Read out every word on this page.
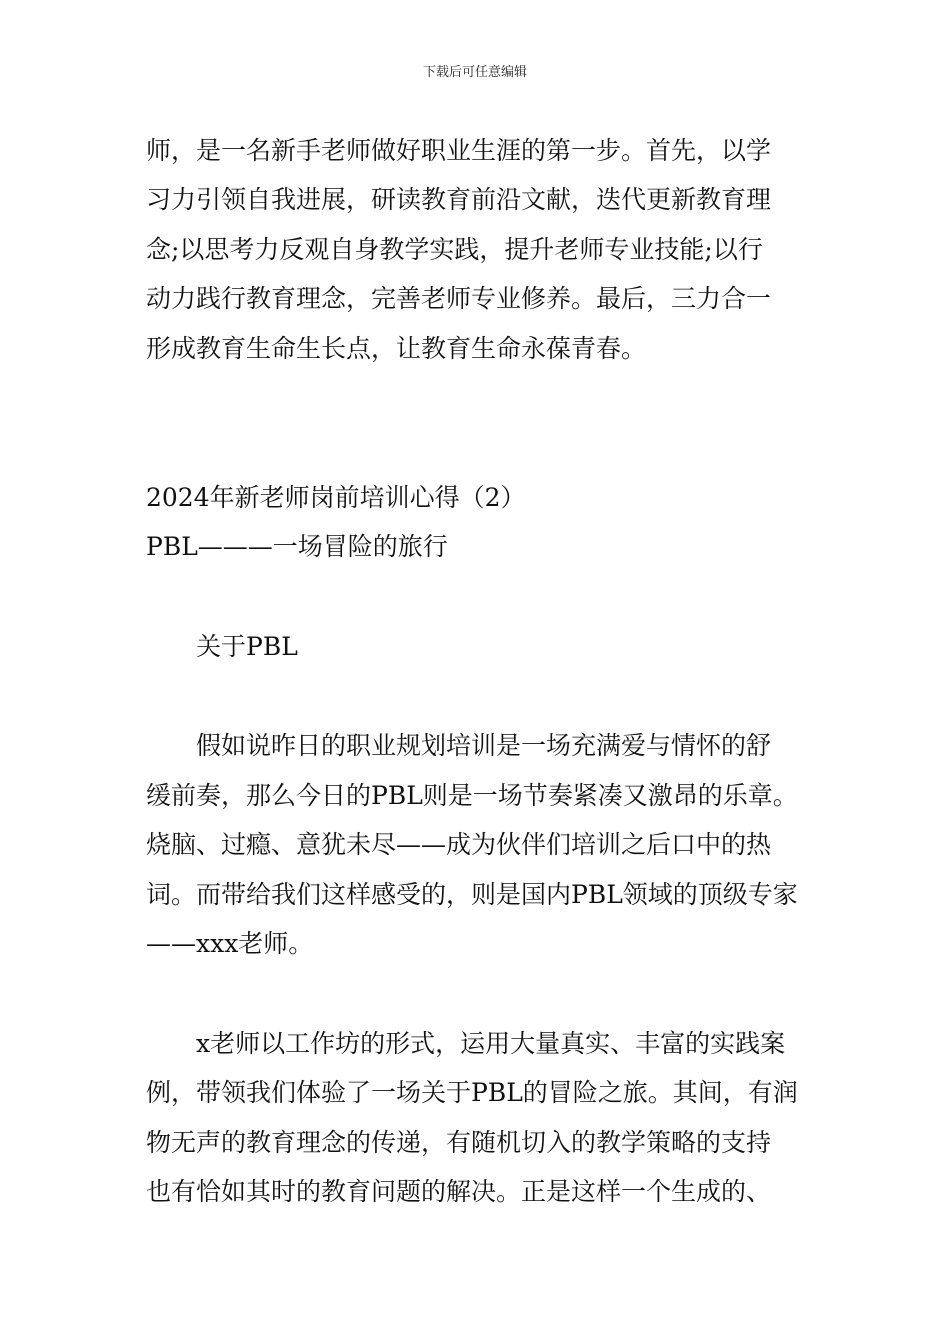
下载后可任意编辑
师，是一名新手老师做好职业生涯的第一步。首先，以学
习力引领自我进展，研读教育前沿文献，迭代更新教育理
念;以思考力反观自身教学实践，提升老师专业技能;以行
动力践行教育理念，完善老师专业修养。最后，三力合一
形成教育生命生长点，让教育生命永葆青春。
2024年新老师岗前培训心得（2）
PBL———一场冒险的旅行
关于PBL
假如说昨日的职业规划培训是一场充满爱与情怀的舒
缓前奏，那么今日的PBL则是一场节奏紧凑又激昂的乐章。
烧脑、过瘾、意犹未尽——成为伙伴们培训之后口中的热
词。而带给我们这样感受的，则是国内PBL领域的顶级专家
——xxx老师。
x老师以工作坊的形式，运用大量真实、丰富的实践案
例，带领我们体验了一场关于PBL的冒险之旅。其间，有润
物无声的教育理念的传递，有随机切入的教学策略的支持
也有恰如其时的教育问题的解决。正是这样一个生成的、
